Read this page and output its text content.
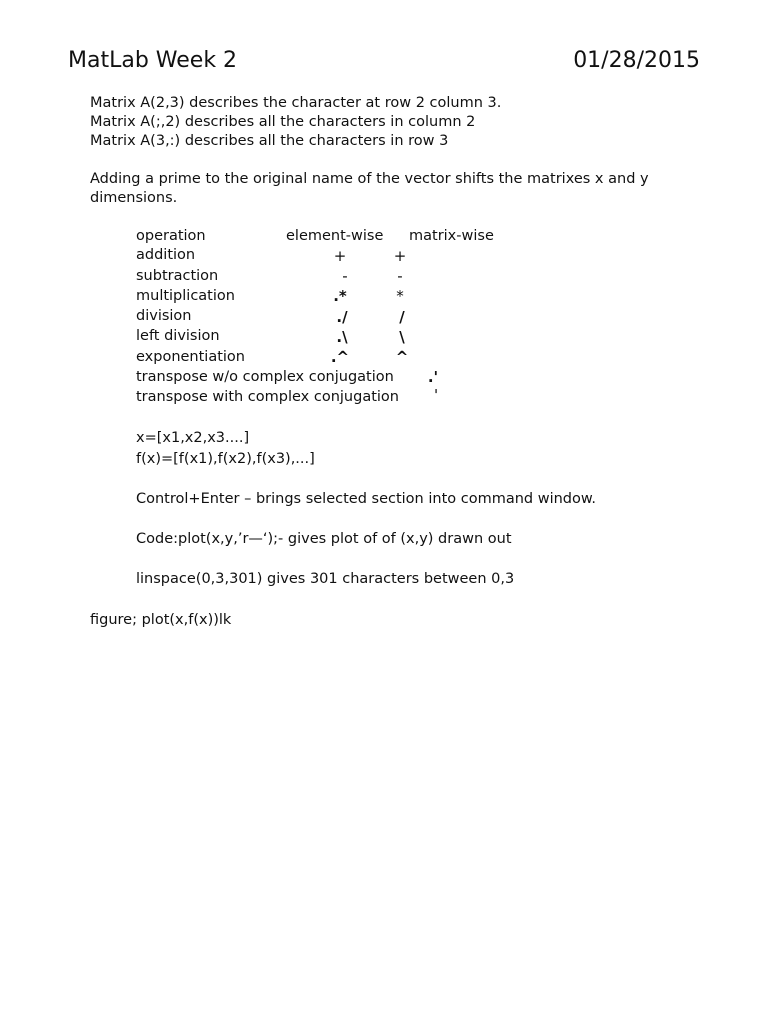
MatLab Week 2	01/28/2015
Matrix A(2,3) describes the character at row 2 column 3.
Matrix A(;,2) describes all the characters in column 2
Matrix A(3,:) describes all the characters in row 3
Adding a prime to the original name of the vector shifts the matrixes x and y dimensions.
operation	element-wise matrix-wise
addition	+	+
subtraction	-	-
multiplication	.*	*
division	./	/
left division	.\	\
exponentiation	.^	^
transpose w/o complex conjugation	.'
transpose with complex conjugation	'
x=[x1,x2,x3....]
f(x)=[f(x1),f(x2),f(x3),...]
Control+Enter – brings selected section into command window.
Code:plot(x,y,’r—‘);- gives plot of of (x,y) drawn out
linspace(0,3,301) gives 301 characters between 0,3
figure; plot(x,f(x))lk
